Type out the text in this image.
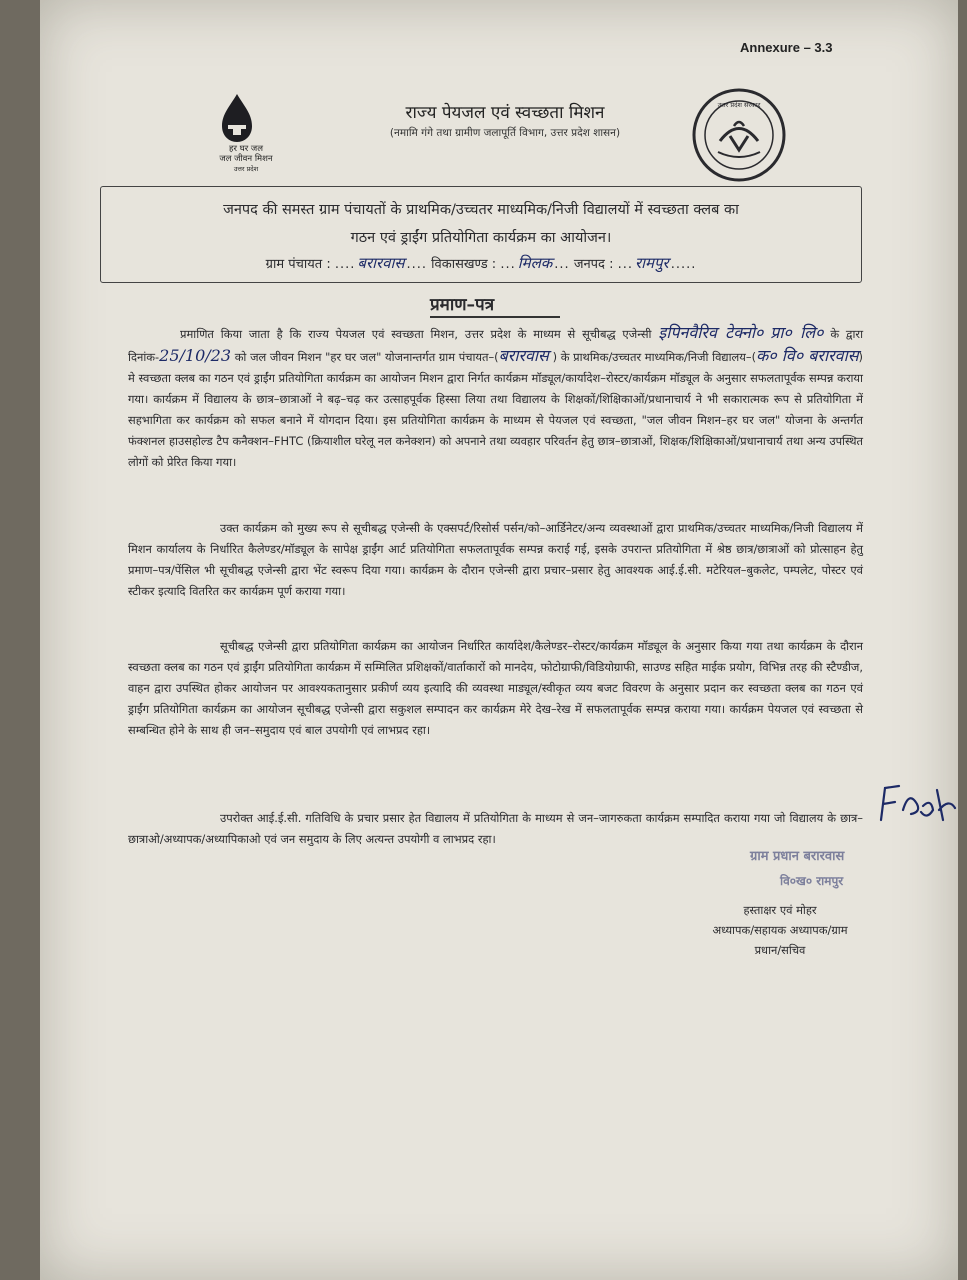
Annexure – 3.3
हर घर जल
जल जीवन मिशन
उत्तर प्रदेश
राज्य पेयजल एवं स्वच्छता मिशन
(नमामि गंगे तथा ग्रामीण जलापूर्ति विभाग, उत्तर प्रदेश शासन)
उत्तर प्रदेश सरकार
जनपद की समस्त ग्राम पंचायतों के प्राथमिक/उच्चतर माध्यमिक/निजी विद्यालयों में स्वच्छता क्लब का
गठन एवं ड्राईंग प्रतियोगिता कार्यक्रम का आयोजन।
ग्राम पंचायत : .... बरारवास .... विकासखण्ड : ... मिलक ... जनपद : ... रामपुर .....
प्रमाण–पत्र
प्रमाणित किया जाता है कि राज्य पेयजल एवं स्वच्छता मिशन, उत्तर प्रदेश के माध्यम से सूचीबद्ध एजेन्सी इपिनवैरिव टेक्नो० प्रा० लि० के द्वारा दिनांक-25/10/23 को जल जीवन मिशन "हर घर जल" योजनान्तर्गत ग्राम पंचायत–(बरारवास ) के प्राथमिक/उच्चतर माध्यमिक/निजी विद्यालय–(क० वि० बरारवास) मे स्वच्छता क्लब का गठन एवं ड्राईंग प्रतियोगिता कार्यक्रम का आयोजन मिशन द्वारा निर्गत कार्यक्रम मॉड्यूल/कार्यादेश–रोस्टर/कार्यक्रम मॉड्यूल के अनुसार सफलतापूर्वक सम्पन्न कराया गया। कार्यक्रम में विद्यालय के छात्र–छात्राओं ने बढ़–चढ़ कर उत्साहपूर्वक हिस्सा लिया तथा विद्यालय के शिक्षकों/शिक्षिकाओं/प्रधानाचार्य ने भी सकारात्मक रूप से प्रतियोगिता में सहभागिता कर कार्यक्रम को सफल बनाने में योगदान दिया। इस प्रतियोगिता कार्यक्रम के माध्यम से पेयजल एवं स्वच्छता, "जल जीवन मिशन–हर घर जल" योजना के अन्तर्गत फंक्शनल हाउसहोल्ड टैप कनैक्शन–FHTC (क्रियाशील घरेलू नल कनेक्शन) को अपनाने तथा व्यवहार परिवर्तन हेतु छात्र–छात्राओं, शिक्षक/शिक्षिकाओं/प्रधानाचार्य तथा अन्य उपस्थित लोगों को प्रेरित किया गया।
उक्त कार्यक्रम को मुख्य रूप से सूचीबद्ध एजेन्सी के एक्सपर्ट/रिसोर्स पर्सन/को–आर्डिनेटर/अन्य व्यवस्थाओं द्वारा प्राथमिक/उच्चतर माध्यमिक/निजी विद्यालय में मिशन कार्यालय के निर्धारित कैलेण्डर/मॉड्यूल के सापेक्ष ड्राईंग आर्ट प्रतियोगिता सफलतापूर्वक सम्पन्न कराई गई, इसके उपरान्त प्रतियोगिता में श्रेष्ठ छात्र/छात्राओं को प्रोत्साहन हेतु प्रमाण–पत्र/पेंसिल भी सूचीबद्ध एजेन्सी द्वारा भेंट स्वरूप दिया गया। कार्यक्रम के दौरान एजेन्सी द्वारा प्रचार–प्रसार हेतु आवश्यक आई.ई.सी. मटेरियल–बुकलेट, पम्पलेट, पोस्टर एवं स्टीकर इत्यादि वितरित कर कार्यक्रम पूर्ण कराया गया।
सूचीबद्ध एजेन्सी द्वारा प्रतियोगिता कार्यक्रम का आयोजन निर्धारित कार्यादेश/कैलेण्डर–रोस्टर/कार्यक्रम मॉड्यूल के अनुसार किया गया तथा कार्यक्रम के दौरान स्वच्छता क्लब का गठन एवं ड्राईंग प्रतियोगिता कार्यक्रम में सम्मिलित प्रशिक्षकों/वार्ताकारों को मानदेय, फोटोग्राफी/विडियोग्राफी, साउण्ड सहित माईक प्रयोग, विभिन्न तरह की स्टैण्डीज, वाहन द्वारा उपस्थित होकर आयोजन पर आवश्यकतानुसार प्रकीर्ण व्यय इत्यादि की व्यवस्था माड्यूल/स्वीकृत व्यय बजट विवरण के अनुसार प्रदान कर स्वच्छता क्लब का गठन एवं ड्राईंग प्रतियोगिता कार्यक्रम का आयोजन सूचीबद्ध एजेन्सी द्वारा सकुशल सम्पादन कर कार्यक्रम मेरे देख–रेख में सफलतापूर्वक सम्पन्न कराया गया। कार्यक्रम पेयजल एवं स्वच्छता से सम्बन्धित होने के साथ ही जन–समुदाय एवं बाल उपयोगी एवं लाभप्रद रहा।
उपरोक्त आई.ई.सी. गतिविधि के प्रचार प्रसार हेत विद्यालय में प्रतियोगिता के माध्यम से जन–जागरुकता कार्यक्रम सम्पादित कराया गया जो विद्यालय के छात्र–छात्राओ/अध्यापक/अध्यापिकाओ एवं जन समुदाय के लिए अत्यन्त उपयोगी व लाभप्रद रहा।
ग्राम प्रधान बरारवास
वि०ख० रामपुर
हस्ताक्षर एवं मोहर
अध्यापक/सहायक अध्यापक/ग्राम
प्रधान/सचिव
